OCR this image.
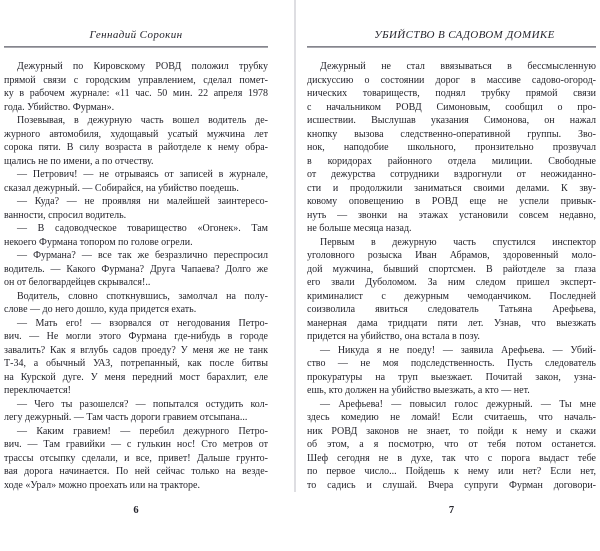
Геннадий Сорокин
Дежурный по Кировскому РОВД положил трубку
прямой связи с городским управлением, сделал помет-
ку в рабочем журнале: «11 час. 50 мин. 22 апреля 1978
года. Убийство. Фурман».
Позевывая, в дежурную часть вошел водитель де-
журного автомобиля, худощавый усатый мужчина лет
сорока пяти. В силу возраста в райотделе к нему обра-
щались не по имени, а по отчеству.
— Петрович! — не отрываясь от записей в журнале,
сказал дежурный. — Собирайся, на убийство поедешь.
— Куда? — не проявляя ни малейшей заинтересо-
ванности, спросил водитель.
— В садоводческое товарищество «Огонек». Там
некоего Фурмана топором по голове огрели.
— Фурмана? — все так же безразлично переспросил
водитель. — Какого Фурмана? Друга Чапаева? Долго же
он от белогвардейцев скрывался!..
Водитель, словно споткнувшись, замолчал на полу-
слове — до него дошло, куда придется ехать.
— Мать его! — взорвался от негодования Петро-
вич. — Не могли этого Фурмана где-нибудь в городе
завалить? Как я вглубь садов проеду? У меня же не танк
Т-34, а обычный УАЗ, потрепанный, как после битвы
на Курской дуге. У меня передний мост барахлит, еле
переключается!
— Чего ты разошелся? — попытался остудить кол-
легу дежурный. — Там часть дороги гравием отсыпана...
— Каким гравием! — перебил дежурного Петро-
вич. — Там гравийки — с гулькин нос! Сто метров от
трассы отсыпку сделали, и все, привет! Дальше грунто-
вая дорога начинается. По ней сейчас только на везде-
ходе «Урал» можно проехать или на тракторе.
6
УБИЙСТВО В САДОВОМ ДОМИКЕ
Дежурный не стал ввязываться в бессмысленную
дискуссию о состоянии дорог в массиве садово-огород-
нических товариществ, поднял трубку прямой связи
с начальником РОВД Симоновым, сообщил о про-
исшествии. Выслушав указания Симонова, он нажал
кнопку вызова следственно-оперативной группы. Зво-
нок, наподобие школьного, пронзительно прозвучал
в коридорах районного отдела милиции. Свободные
от дежурства сотрудники вздрогнули от неожиданно-
сти и продолжили заниматься своими делами. К зву-
ковому оповещению в РОВД еще не успели привык-
нуть — звонки на этажах установили совсем недавно,
не больше месяца назад.
Первым в дежурную часть спустился инспектор
уголовного розыска Иван Абрамов, здоровенный моло-
дой мужчина, бывший спортсмен. В райотделе за глаза
его звали Дуболомом. За ним следом пришел эксперт-
криминалист с дежурным чемоданчиком. Последней
соизволила явиться следователь Татьяна Арефьева,
манерная дама тридцати пяти лет. Узнав, что выезжать
придется на убийство, она встала в позу.
— Никуда я не поеду! — заявила Арефьева. — Убий-
ство — не моя подследственность. Пусть следователь
прокуратуры на труп выезжает. Почитай закон, узна-
ешь, кто должен на убийство выезжать, а кто — нет.
— Арефьева! — повысил голос дежурный. — Ты мне
здесь комедию не ломай! Если считаешь, что началь-
ник РОВД законов не знает, то пойди к нему и скажи
об этом, а я посмотрю, что от тебя потом останется.
Шеф сегодня не в духе, так что с порога выдаст тебе
по первое число... Пойдешь к нему или нет? Если нет,
то садись и слушай. Вчера супруги Фурман договори-
7
